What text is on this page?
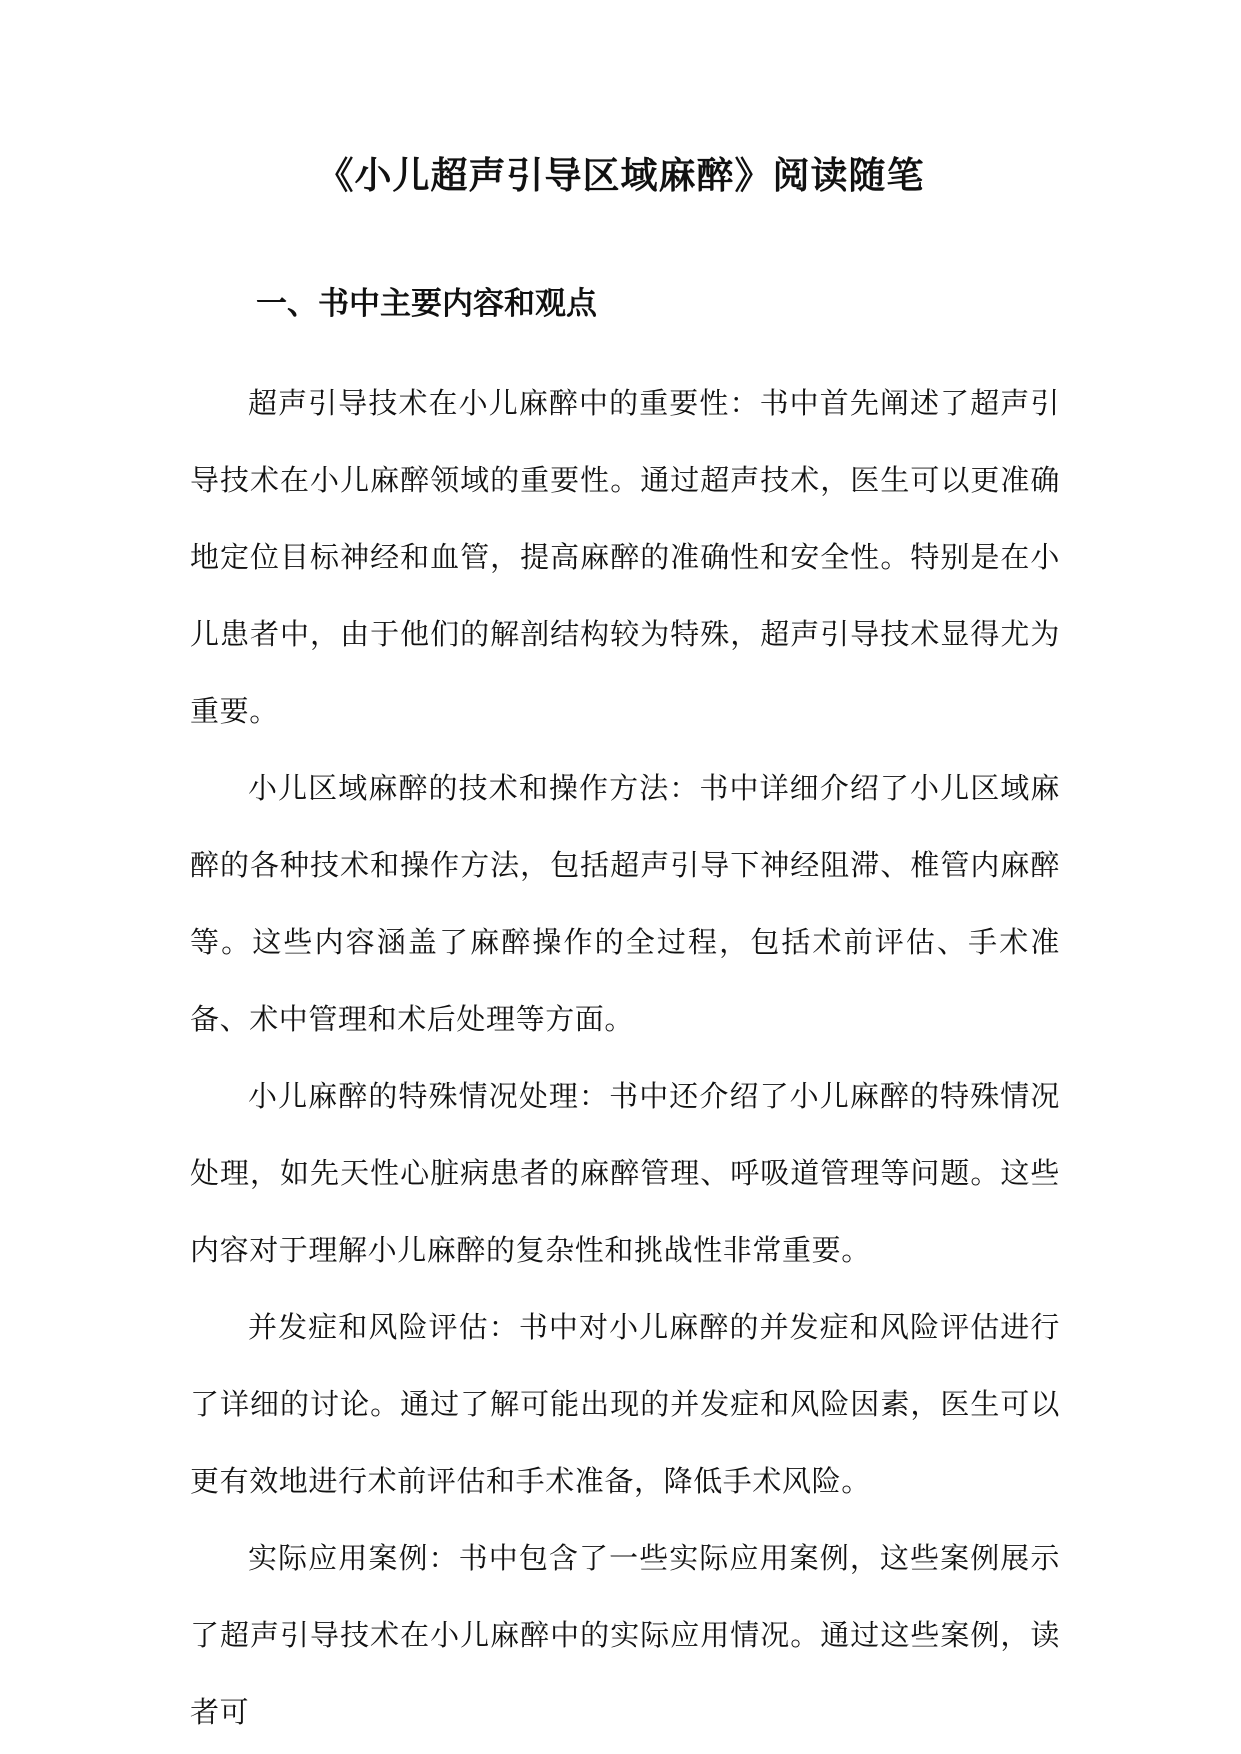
《小儿超声引导区域麻醉》阅读随笔
一、书中主要内容和观点

超声引导技术在小儿麻醉中的重要性：书中首先阐述了超声引导技术在小儿麻醉领域的重要性。通过超声技术，医生可以更准确地定位目标神经和血管，提高麻醉的准确性和安全性。特别是在小儿患者中，由于他们的解剖结构较为特殊，超声引导技术显得尤为重要。

小儿区域麻醉的技术和操作方法：书中详细介绍了小儿区域麻醉的各种技术和操作方法，包括超声引导下神经阻滞、椎管内麻醉等。这些内容涵盖了麻醉操作的全过程，包括术前评估、手术准备、术中管理和术后处理等方面。

小儿麻醉的特殊情况处理：书中还介绍了小儿麻醉的特殊情况处理，如先天性心脏病患者的麻醉管理、呼吸道管理等问题。这些内容对于理解小儿麻醉的复杂性和挑战性非常重要。

并发症和风险评估：书中对小儿麻醉的并发症和风险评估进行了详细的讨论。通过了解可能出现的并发症和风险因素，医生可以更有效地进行术前评估和手术准备，降低手术风险。

实际应用案例：书中包含了一些实际应用案例，这些案例展示了超声引导技术在小儿麻醉中的实际应用情况。通过这些案例，读者可
